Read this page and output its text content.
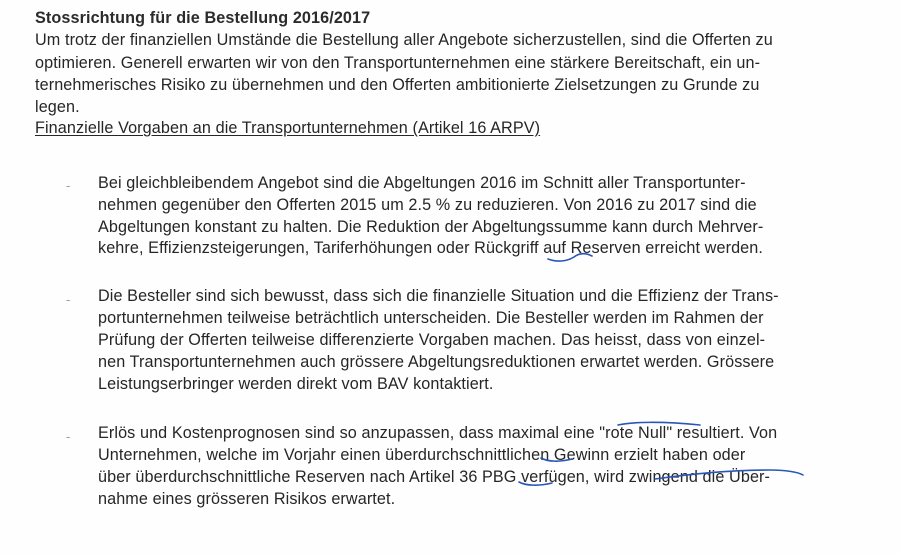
Stossrichtung für die Bestellung 2016/2017
Um trotz der finanziellen Umstände die Bestellung aller Angebote sicherzustellen, sind die Offerten zu
optimieren. Generell erwarten wir von den Transportunternehmen eine stärkere Bereitschaft, ein un-
ternehmerisches Risiko zu übernehmen und den Offerten ambitionierte Zielsetzungen zu Grunde zu
legen.
Finanzielle Vorgaben an die Transportunternehmen (Artikel 16 ARPV)
- Bei gleichbleibendem Angebot sind die Abgeltungen 2016 im Schnitt aller Transportunter-
nehmen gegenüber den Offerten 2015 um 2.5 % zu reduzieren. Von 2016 zu 2017 sind die
Abgeltungen konstant zu halten. Die Reduktion der Abgeltungssumme kann durch Mehrver-
kehre, Effizienzsteigerungen, Tariferhöhungen oder Rückgriff auf Reserven erreicht werden.
- Die Besteller sind sich bewusst, dass sich die finanzielle Situation und die Effizienz der Trans-
portunternehmen teilweise beträchtlich unterscheiden. Die Besteller werden im Rahmen der
Prüfung der Offerten teilweise differenzierte Vorgaben machen. Das heisst, dass von einzel-
nen Transportunternehmen auch grössere Abgeltungsreduktionen erwartet werden. Grössere
Leistungserbringer werden direkt vom BAV kontaktiert.
- Erlös und Kostenprognosen sind so anzupassen, dass maximal eine "rote Null" resultiert. Von
Unternehmen, welche im Vorjahr einen überdurchschnittlichen Gewinn erzielt haben oder
über überdurchschnittliche Reserven nach Artikel 36 PBG verfügen, wird zwingend die Über-
nahme eines grösseren Risikos erwartet.
